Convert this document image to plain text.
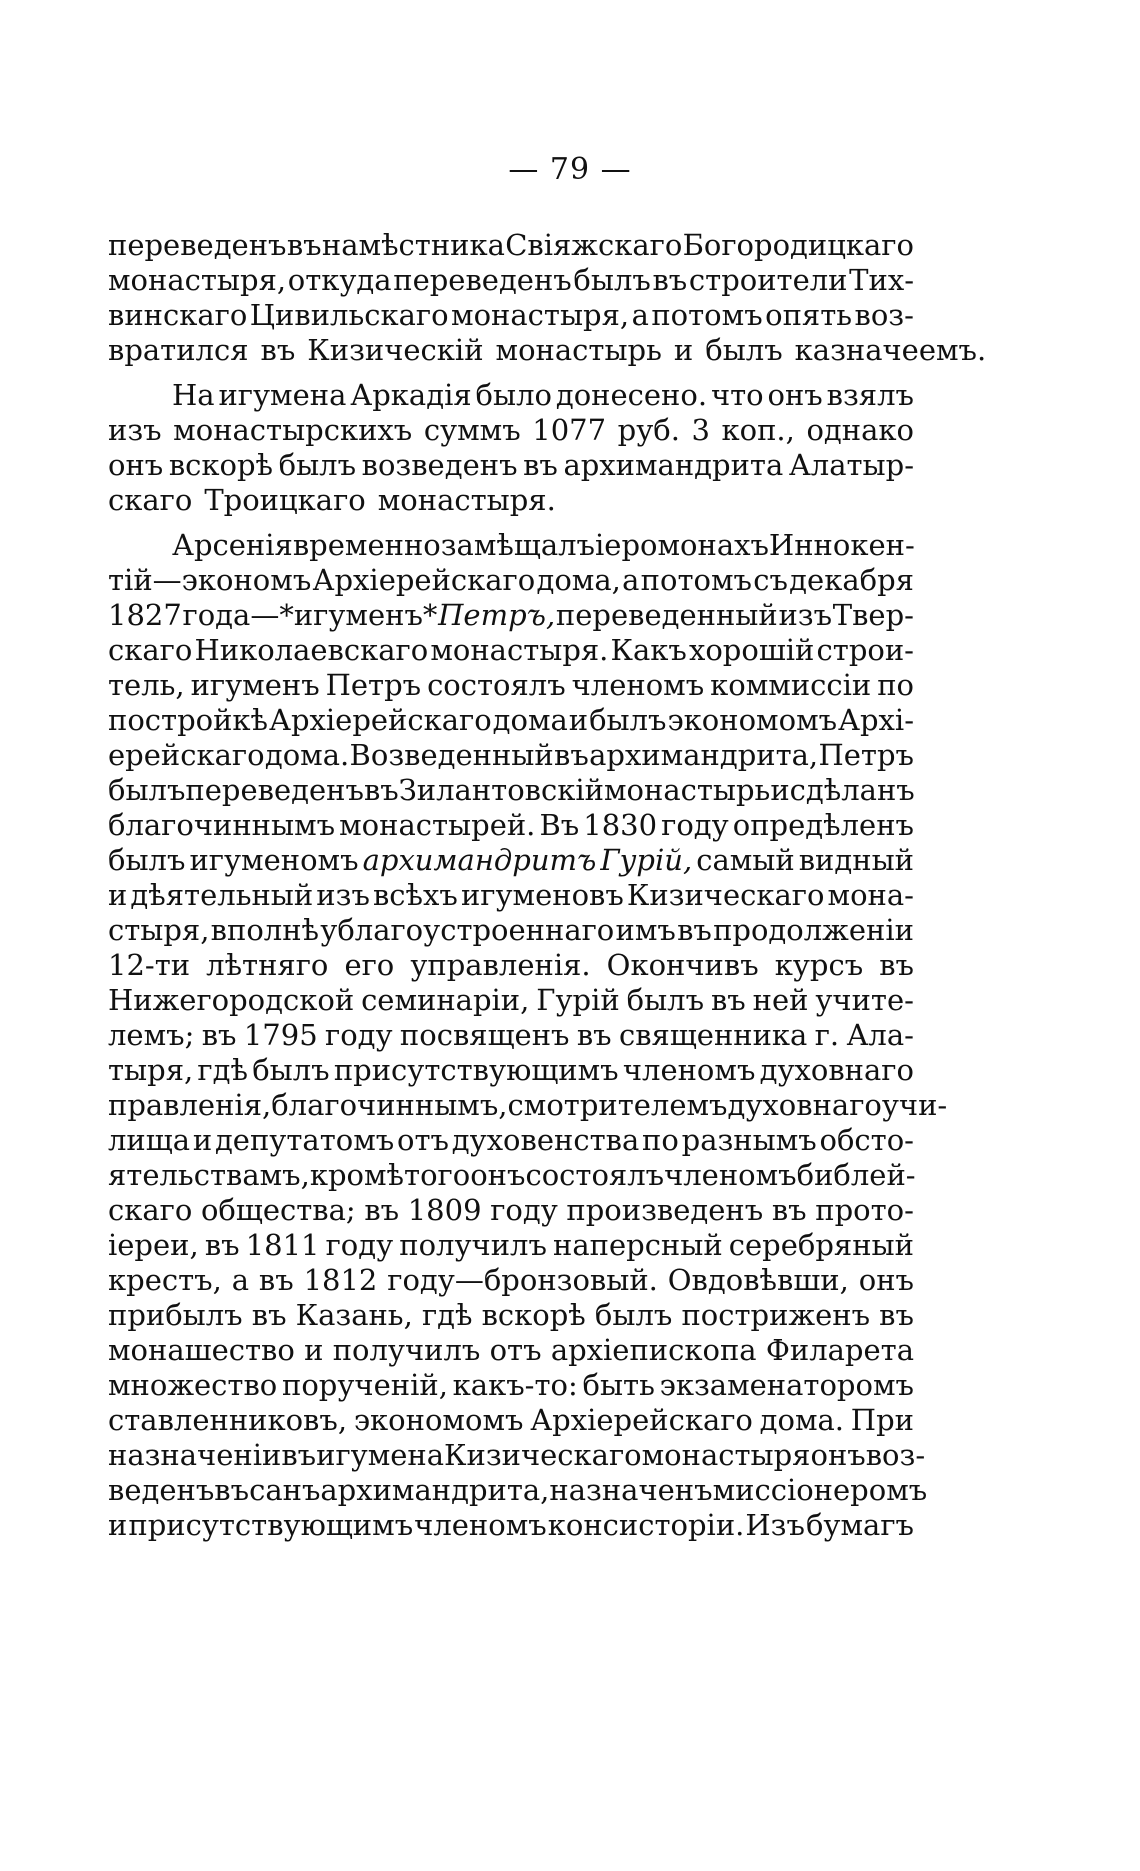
— 79 —
переведенъ въ намѣстника Свіяжскаго Богородицкаго
монастыря, откуда переведенъ былъ въ строители Тих-
винскаго Цивильскаго монастыря, а потомъ опять воз-
вратился въ Кизическій монастырь и былъ казначеемъ.
На игумена Аркадія было донесено. что онъ взялъ
изъ монастырскихъ суммъ 1077 руб. 3 коп., однако
онъ вскорѣ былъ возведенъ въ архимандрита Алатыр-
скаго Троицкаго монастыря.
Арсенія временно замѣщалъ іеромонахъ Иннокен-
тій—экономъ Архіерейскаго дома, а потомъ съ декабря
1827 года—*игуменъ* Петръ, переведенный изъ Твер-
скаго Николаевскаго монастыря. Какъ хорошій строи-
тель, игуменъ Петръ состоялъ членомъ коммиссіи по
постройкѣ Архіерейскаго дома и былъ экономомъ Архі-
ерейскаго дома. Возведенный въ архимандрита, Петръ
былъ переведенъ въ Зилантовскій монастырь и сдѣланъ
благочиннымъ монастырей. Въ 1830 году опредѣленъ
былъ игуменомъ архимандритъ Гурій, самый видный
и дѣятельный изъ всѣхъ игуменовъ Кизическаго мона-
стыря, вполнѣ ублагоустроеннаго имъ въ продолженіи
12-ти лѣтняго его управленія. Окончивъ курсъ въ
Нижегородской семинаріи, Гурій былъ въ ней учите-
лемъ; въ 1795 году посвященъ въ священника г. Ала-
тыря, гдѣ былъ присутствующимъ членомъ духовнаго
правленія, благочиннымъ, смотрителемъ духовнаго учи-
лища и депутатомъ отъ духовенства по разнымъ обсто-
ятельствамъ, кромѣ того онъ состоялъ членомъ библей-
скаго общества; въ 1809 году произведенъ въ прото-
іереи, въ 1811 году получилъ наперсный серебряный
крестъ, а въ 1812 году—бронзовый. Овдовѣвши, онъ
прибылъ въ Казань, гдѣ вскорѣ былъ постриженъ въ
монашество и получилъ отъ архіепископа Филарета
множество порученій, какъ-то: быть экзаменаторомъ
ставленниковъ, экономомъ Архіерейскаго дома. При
назначеніи въ игумена Кизическаго монастыря онъ воз-
веденъ въ санъ архимандрита, назначенъ миссіонеромъ
и присутствующимъ членомъ консисторіи. Изъ бумагъ
